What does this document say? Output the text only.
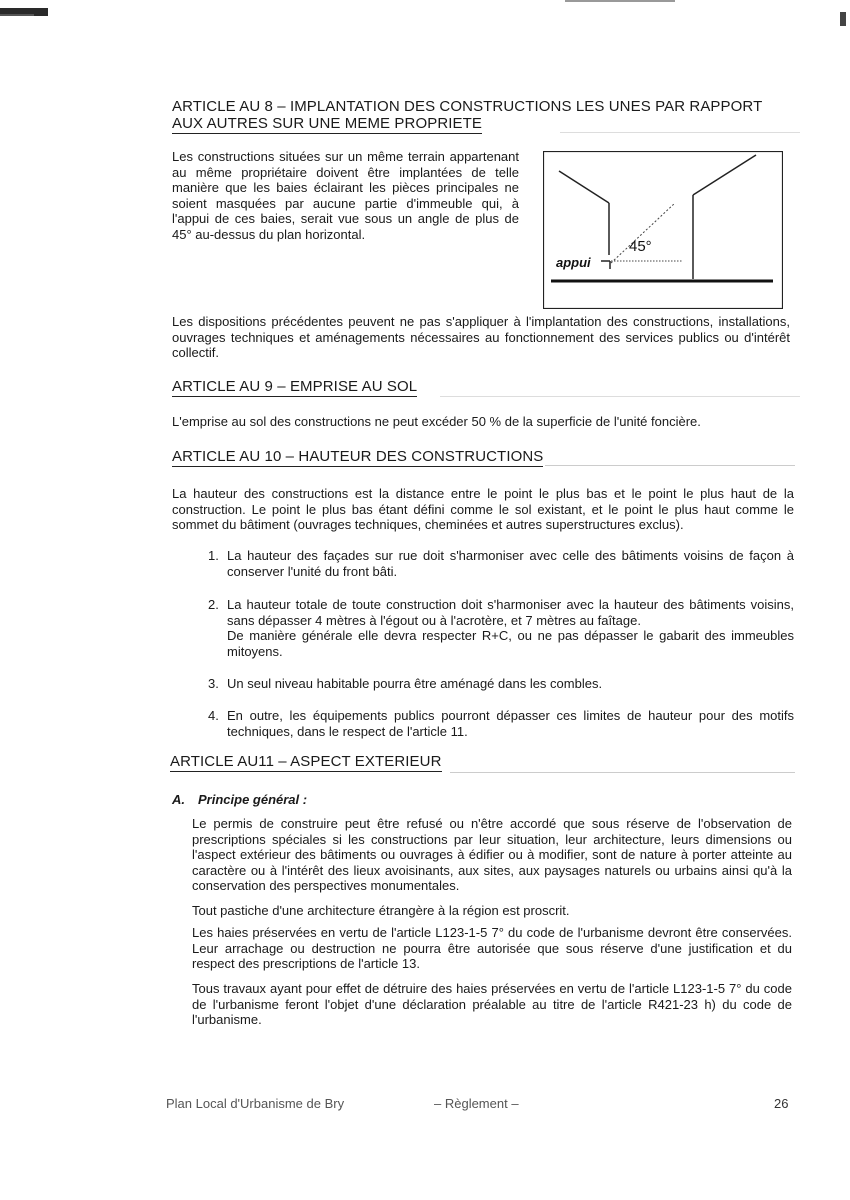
ARTICLE AU 8 – IMPLANTATION DES CONSTRUCTIONS LES UNES PAR RAPPORT
AUX AUTRES SUR UNE MEME PROPRIETE
Les constructions situées sur un même terrain appartenant au même propriétaire doivent être implantées de telle manière que les baies éclairant les pièces principales ne soient masquées par aucune partie d'immeuble qui, à l'appui de ces baies, serait vue sous un angle de plus de 45° au-dessus du plan horizontal.
45°
appui
Les dispositions précédentes peuvent ne pas s'appliquer à l'implantation des constructions, installations, ouvrages techniques et aménagements nécessaires au fonctionnement des services publics ou d'intérêt collectif.
ARTICLE AU 9 – EMPRISE AU SOL
L'emprise au sol des constructions ne peut excéder 50 % de la superficie de l'unité foncière.
ARTICLE AU 10 – HAUTEUR DES CONSTRUCTIONS
La hauteur des constructions est la distance entre le point le plus bas et le point le plus haut de la construction. Le point le plus bas étant défini comme le sol existant, et le point le plus haut comme le sommet du bâtiment (ouvrages techniques, cheminées et autres superstructures exclus).
1. La hauteur des façades sur rue doit s'harmoniser avec celle des bâtiments voisins de façon à conserver l'unité du front bâti.
2. La hauteur totale de toute construction doit s'harmoniser avec la hauteur des bâtiments voisins, sans dépasser 4 mètres à l'égout ou à l'acrotère, et 7 mètres au faîtage.
De manière générale elle devra respecter R+C, ou ne pas dépasser le gabarit des immeubles mitoyens.
3. Un seul niveau habitable pourra être aménagé dans les combles.
4. En outre, les équipements publics pourront dépasser ces limites de hauteur pour des motifs techniques, dans le respect de l'article 11.
ARTICLE AU11 – ASPECT EXTERIEUR
A. Principe général :
Le permis de construire peut être refusé ou n'être accordé que sous réserve de l'observation de prescriptions spéciales si les constructions par leur situation, leur architecture, leurs dimensions ou l'aspect extérieur des bâtiments ou ouvrages à édifier ou à modifier, sont de nature à porter atteinte au caractère ou à l'intérêt des lieux avoisinants, aux sites, aux paysages naturels ou urbains ainsi qu'à la conservation des perspectives monumentales.
Tout pastiche d'une architecture étrangère à la région est proscrit.
Les haies préservées en vertu de l'article L123-1-5 7° du code de l'urbanisme devront être conservées. Leur arrachage ou destruction ne pourra être autorisée que sous réserve d'une justification et du respect des prescriptions de l'article 13.
Tous travaux ayant pour effet de détruire des haies préservées en vertu de l'article L123-1-5 7° du code de l'urbanisme feront l'objet d'une déclaration préalable au titre de l'article R421-23 h) du code de l'urbanisme.
Plan Local d'Urbanisme de Bry	– Règlement –	26
